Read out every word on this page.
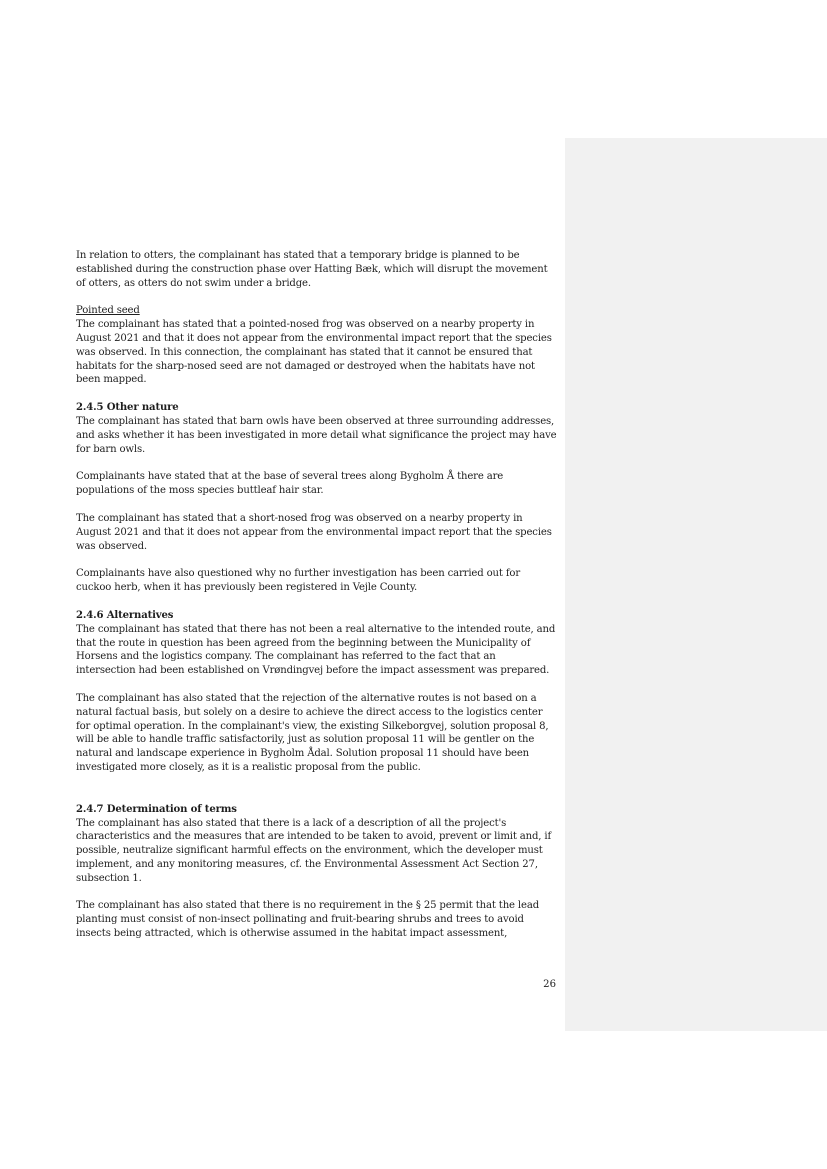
In relation to otters, the complainant has stated that a temporary bridge is planned to be established during the construction phase over Hatting Bæk, which will disrupt the movement of otters, as otters do not swim under a bridge.

Pointed seed

The complainant has stated that a pointed-nosed frog was observed on a nearby property in August 2021 and that it does not appear from the environmental impact report that the species was observed. In this connection, the complainant has stated that it cannot be ensured that habitats for the sharp-nosed seed are not damaged or destroyed when the habitats have not been mapped.

2.4.5 Other nature

The complainant has stated that barn owls have been observed at three surrounding addresses, and asks whether it has been investigated in more detail what significance the project may have for barn owls.

Complainants have stated that at the base of several trees along Bygholm Å there are populations of the moss species buttleaf hair star.

The complainant has stated that a short-nosed frog was observed on a nearby property in August 2021 and that it does not appear from the environmental impact report that the species was observed.

Complainants have also questioned why no further investigation has been carried out for cuckoo herb, when it has previously been registered in Vejle County.

2.4.6 Alternatives

The complainant has stated that there has not been a real alternative to the intended route, and that the route in question has been agreed from the beginning between the Municipality of Horsens and the logistics company. The complainant has referred to the fact that an intersection had been established on Vrøndingvej before the impact assessment was prepared.

The complainant has also stated that the rejection of the alternative routes is not based on a natural factual basis, but solely on a desire to achieve the direct access to the logistics center for optimal operation. In the complainant's view, the existing Silkeborgvej, solution proposal 8, will be able to handle traffic satisfactorily, just as solution proposal 11 will be gentler on the natural and landscape experience in Bygholm Ådal. Solution proposal 11 should have been investigated more closely, as it is a realistic proposal from the public.

2.4.7 Determination of terms

The complainant has also stated that there is a lack of a description of all the project's characteristics and the measures that are intended to be taken to avoid, prevent or limit and, if possible, neutralize significant harmful effects on the environment, which the developer must implement, and any monitoring measures, cf. the Environmental Assessment Act Section 27, subsection 1.

The complainant has also stated that there is no requirement in the § 25 permit that the lead planting must consist of non-insect pollinating and fruit-bearing shrubs and trees to avoid insects being attracted, which is otherwise assumed in the habitat impact assessment,

26
